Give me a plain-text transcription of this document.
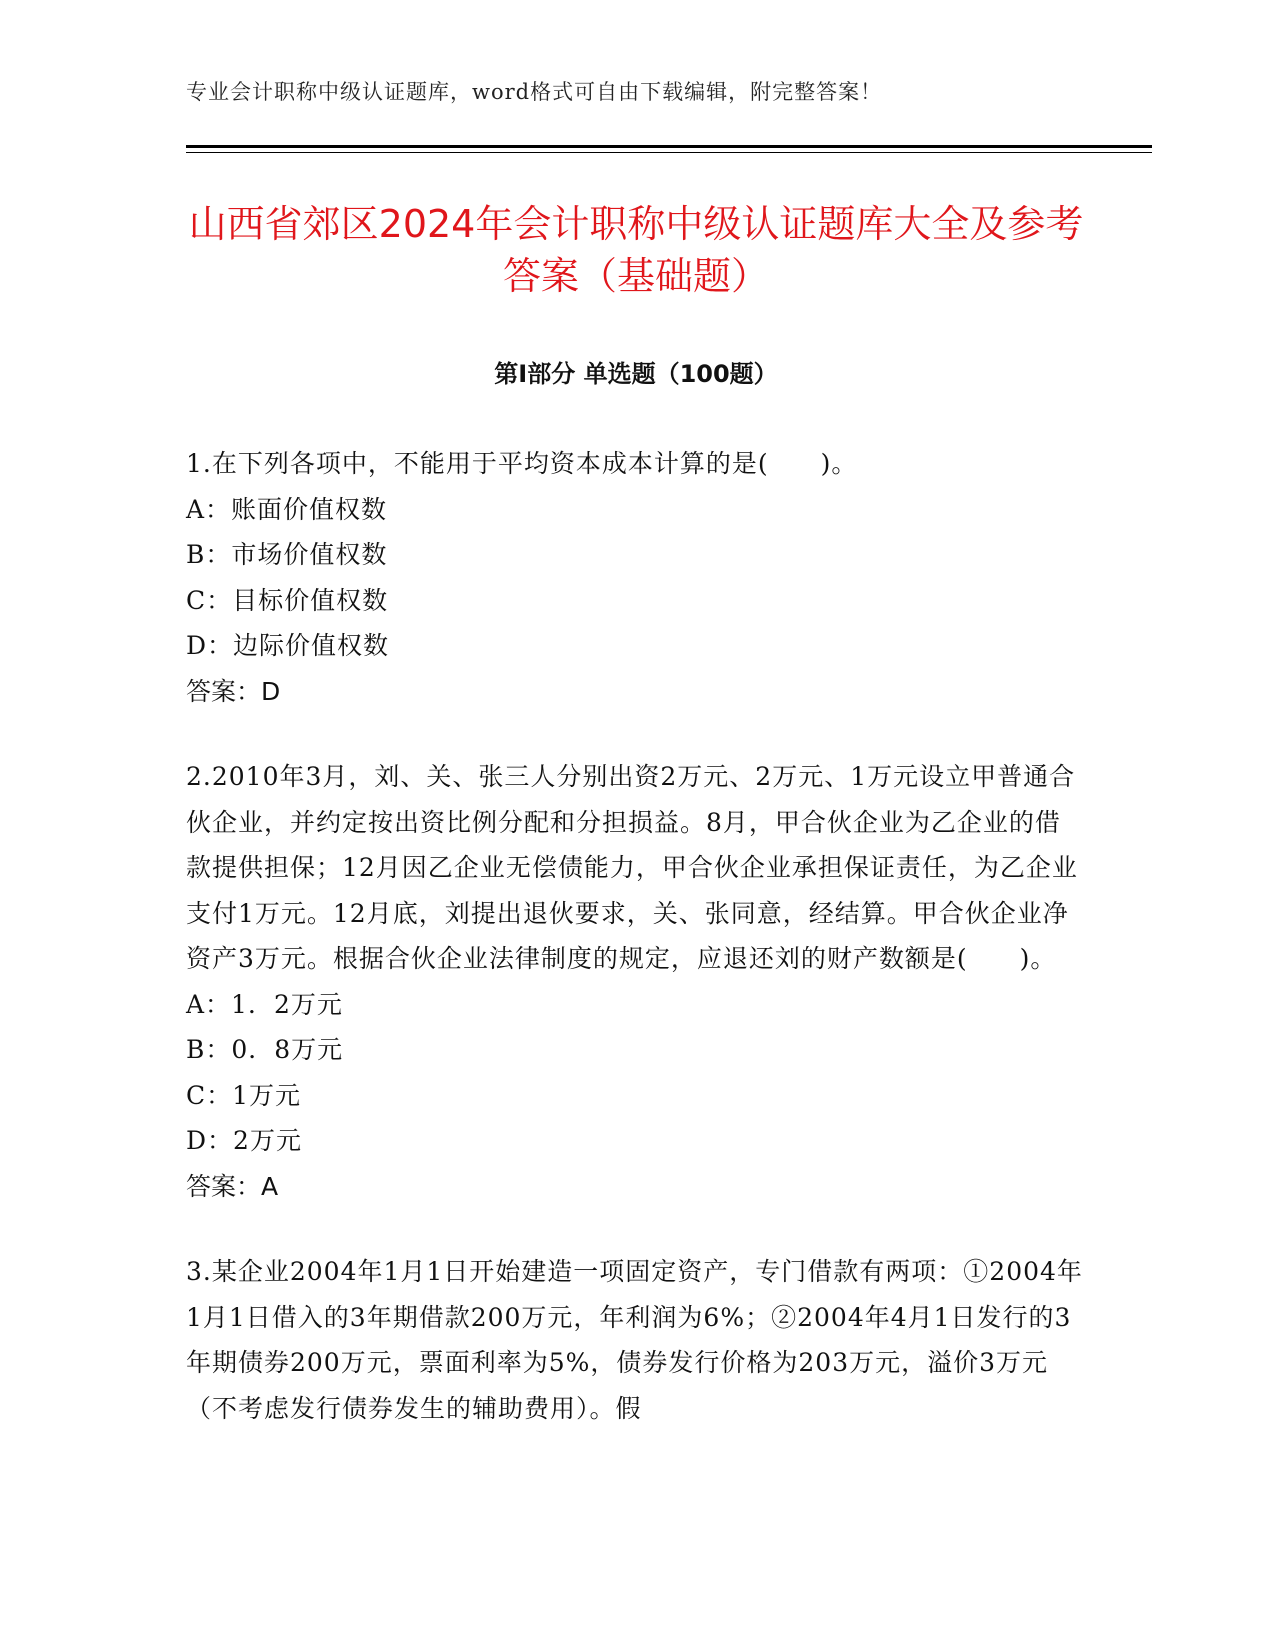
专业会计职称中级认证题库，word格式可自由下载编辑，附完整答案！
山西省郊区2024年会计职称中级认证题库大全及参考答案（基础题）
第Ⅰ部分 单选题（100题）
1.在下列各项中，不能用于平均资本成本计算的是(　　)。
A：账面价值权数
B：市场价值权数
C：目标价值权数
D：边际价值权数
答案：D
2.2010年3月，刘、关、张三人分别出资2万元、2万元、1万元设立甲普通合伙企业，并约定按出资比例分配和分担损益。8月，甲合伙企业为乙企业的借款提供担保；12月因乙企业无偿债能力，甲合伙企业承担保证责任，为乙企业支付1万元。12月底，刘提出退伙要求，关、张同意，经结算。甲合伙企业净资产3万元。根据合伙企业法律制度的规定，应退还刘的财产数额是(　　)。
A：1．2万元
B：0．8万元
C：1万元
D：2万元
答案：A
3.某企业2004年1月1日开始建造一项固定资产，专门借款有两项：①2004年1月1日借入的3年期借款200万元，年利润为6%；②2004年4月1日发行的3年期债券200万元，票面利率为5%，债券发行价格为203万元，溢价3万元（不考虑发行债券发生的辅助费用）。假
